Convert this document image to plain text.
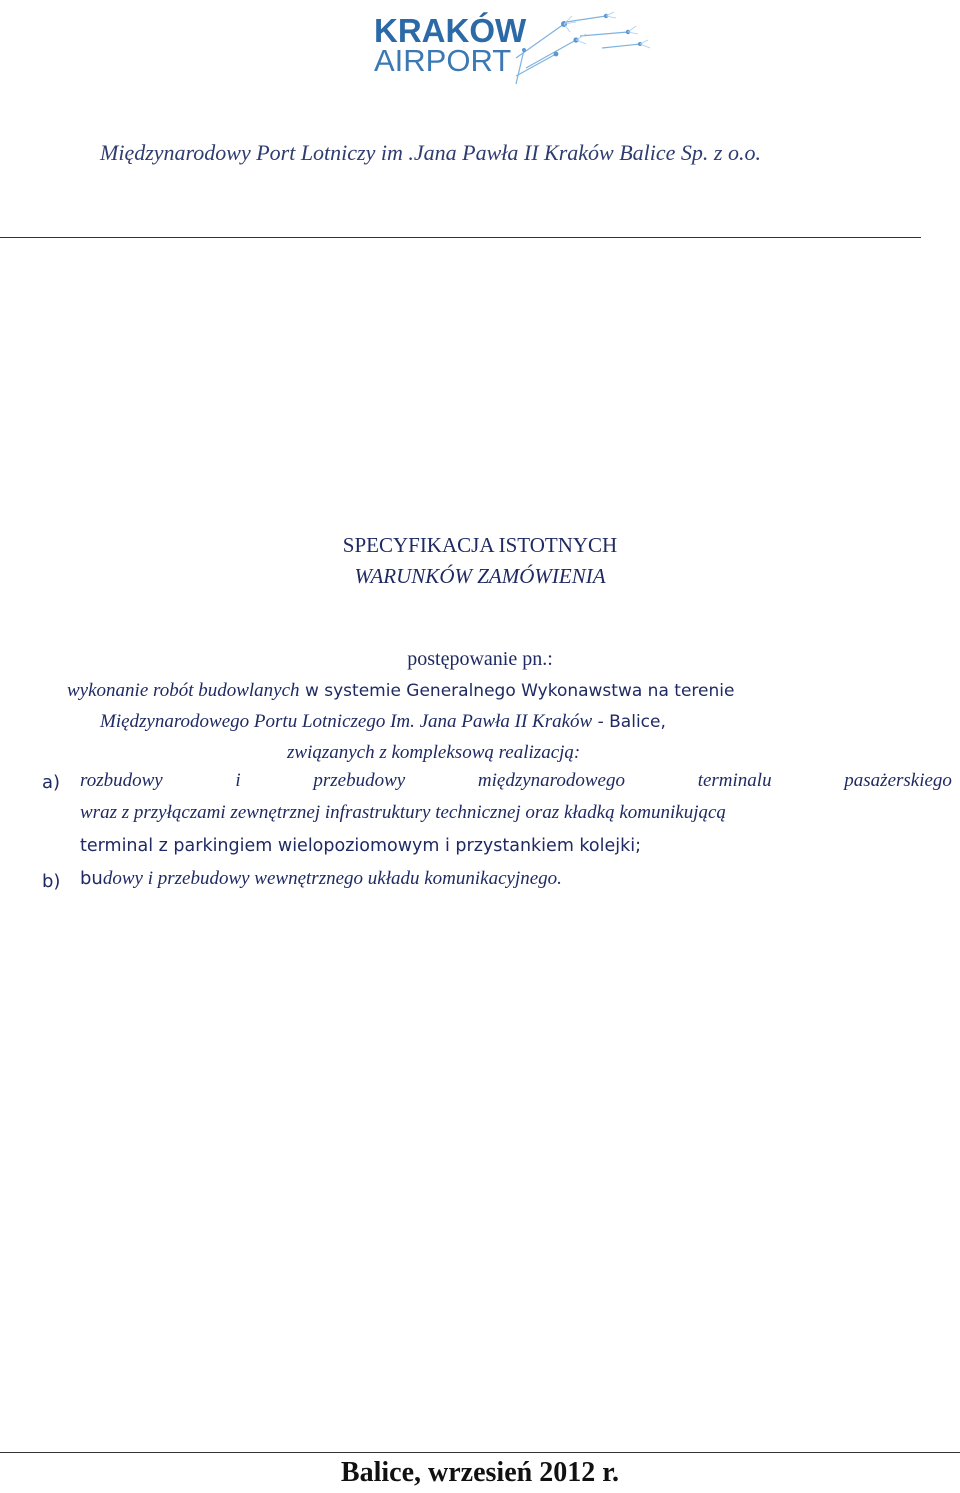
KRAKÓW
AIRPORT
Międzynarodowy Port Lotniczy im .Jana Pawła II Kraków Balice Sp. z o.o.
SPECYFIKACJA ISTOTNYCH
WARUNKÓW ZAMÓWIENIA
postępowanie pn.:
wykonanie robót budowlanych w systemie Generalnego Wykonawstwa na terenie
Międzynarodowego Portu Lotniczego Im. Jana Pawła II Kraków - Balice,
związanych z kompleksową realizacją:
a) rozbudowy	i	przebudowy	międzynarodowego	terminalu	pasażerskiego
wraz z przyłączami zewnętrznej infrastruktury technicznej oraz kładką komunikującą
terminal z parkingiem wielopoziomowym i przystankiem kolejki;
b) budowy i przebudowy wewnętrznego układu komunikacyjnego.
Balice, wrzesień 2012 r.
